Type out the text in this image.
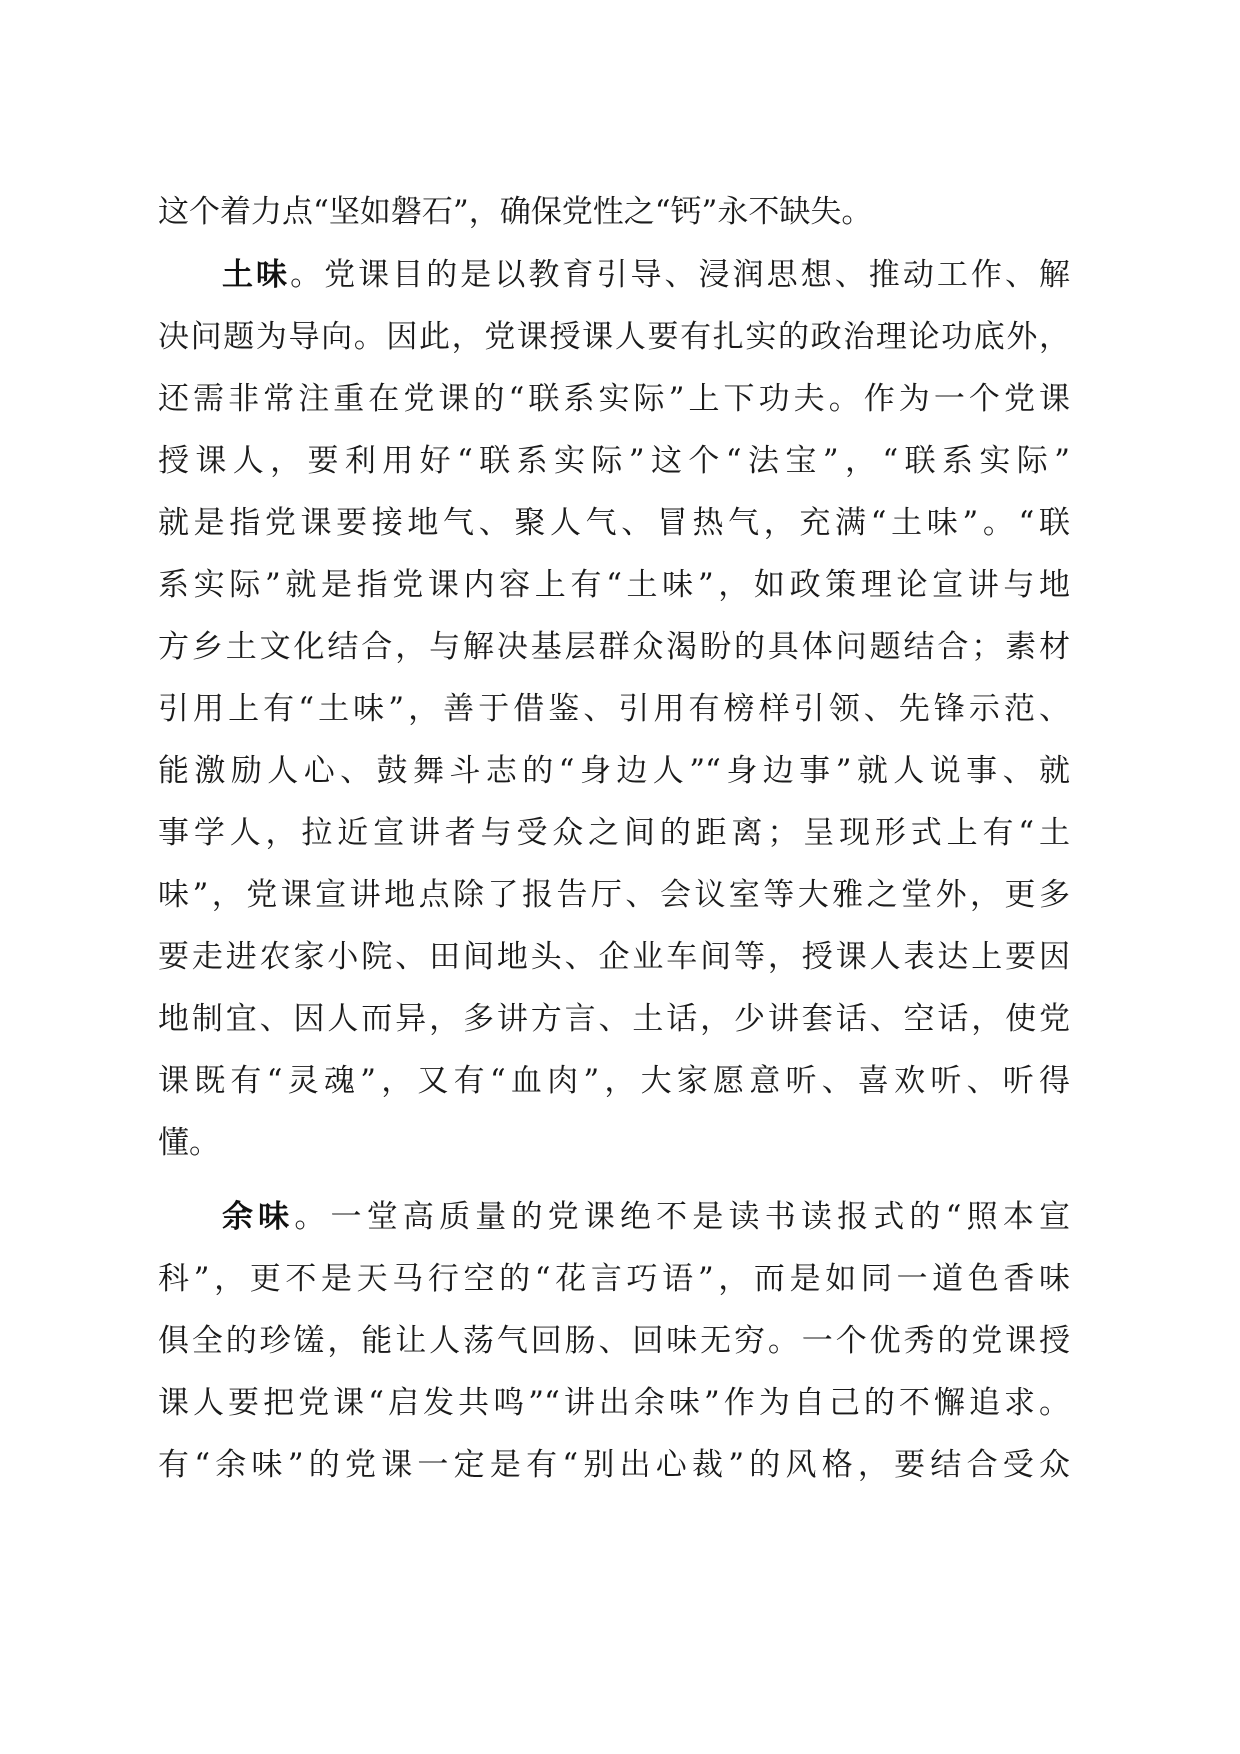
这个着力点“坚如磐石”，确保党性之“钙”永不缺失。
土味。党课目的是以教育引导、浸润思想、推动工作、解
决问题为导向。因此，党课授课人要有扎实的政治理论功底外，
还需非常注重在党课的“联系实际”上下功夫。作为一个党课
授课人，要利用好“联系实际”这个“法宝”，“联系实际”
就是指党课要接地气、聚人气、冒热气，充满“土味”。“联
系实际”就是指党课内容上有“土味”，如政策理论宣讲与地
方乡土文化结合，与解决基层群众渴盼的具体问题结合；素材
引用上有“土味”，善于借鉴、引用有榜样引领、先锋示范、
能激励人心、鼓舞斗志的“身边人”“身边事”就人说事、就
事学人，拉近宣讲者与受众之间的距离；呈现形式上有“土
味”，党课宣讲地点除了报告厅、会议室等大雅之堂外，更多
要走进农家小院、田间地头、企业车间等，授课人表达上要因
地制宜、因人而异，多讲方言、土话，少讲套话、空话，使党
课既有“灵魂”，又有“血肉”，大家愿意听、喜欢听、听得
懂。
余味。一堂高质量的党课绝不是读书读报式的“照本宣
科”，更不是天马行空的“花言巧语”，而是如同一道色香味
俱全的珍馐，能让人荡气回肠、回味无穷。一个优秀的党课授
课人要把党课“启发共鸣”“讲出余味”作为自己的不懈追求。
有“余味”的党课一定是有“别出心裁”的风格，要结合受众
